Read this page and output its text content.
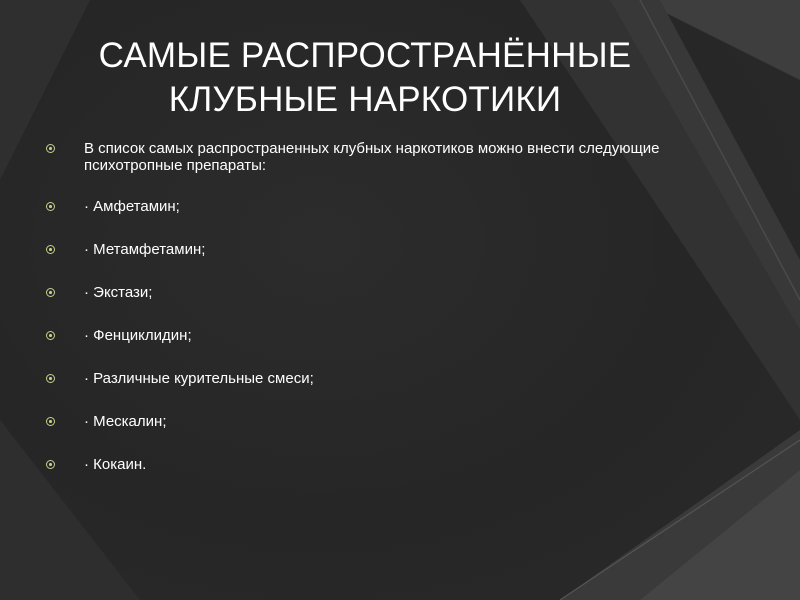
САМЫЕ РАСПРОСТРАНЁННЫЕ
КЛУБНЫЕ НАРКОТИКИ
В список самых распространенных клубных наркотиков можно внести следующие психотропные препараты:
· Амфетамин;
· Метамфетамин;
· Экстази;
· Фенциклидин;
· Различные курительные смеси;
· Мескалин;
· Кокаин.
